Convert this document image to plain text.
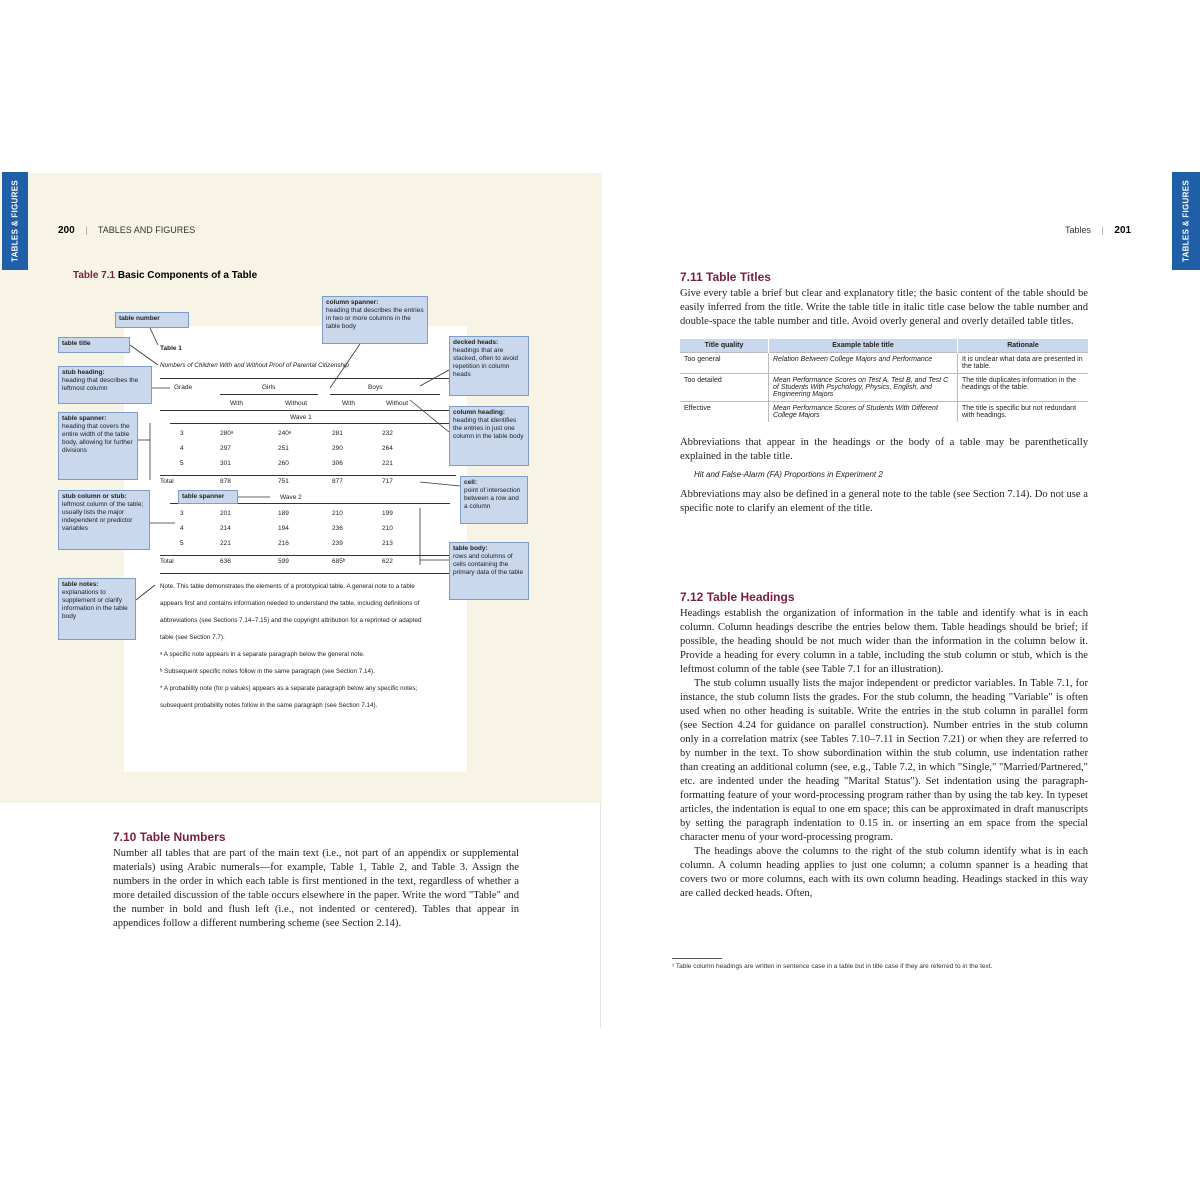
TABLES & FIGURES	200 | TABLES AND FIGURES
Table 7.1 Basic Components of a Table
Table 1
Numbers of Children With and Without Proof of Parental Citizenship
Grade	Girls	Boys
With	Without	With	Without
Wave 1
3	280ᵃ	240ᵃ	281	232
4	297	251	290	264
5	301	260	306	221
Total	878	751	877	717
Wave 2
3	201	189	210	199
4	214	194	236	210
5	221	216	239	213
Total	636	599	685ᵇ	622
Note. This table demonstrates the elements of a prototypical table. A general note to a table appears first and contains information needed to understand the table, including definitions of abbreviations (see Sections 7.14–7.15) and the copyright attribution for a reprinted or adapted table (see Section 7.7).
ᵃ A specific note appears in a separate paragraph below the general note.
ᵇ Subsequent specific notes follow in the same paragraph (see Section 7.14).
* A probability note (for p values) appears as a separate paragraph below any specific notes; subsequent probability notes follow in the same paragraph (see Section 7.14).
table number
table title
stub heading:
heading that describes the leftmost column
table spanner:
heading that covers the entire width of the table body, allowing for further divisions
stub column or stub:
leftmost column of the table; usually lists the major independent or predictor variables
table spanner
table notes:
explanations to supplement or clarify information in the table body
column spanner:
heading that describes the entries in two or more columns in the table body
decked heads:
headings that are stacked, often to avoid repetition in column heads
column heading:
heading that identifies the entries in just one column in the table body
cell:
point of intersection between a row and a column
table body:
rows and columns of cells containing the primary data of the table
7.10 Table Numbers

Number all tables that are part of the main text (i.e., not part of an appendix or supplemental materials) using Arabic numerals—for example, Table 1, Table 2, and Table 3. Assign the numbers in the order in which each table is first mentioned in the text, regardless of whether a more detailed discussion of the table occurs elsewhere in the paper. Write the word "Table" and the number in bold and flush left (i.e., not indented or centered). Tables that appear in appendices follow a different numbering scheme (see Section 2.14).

TABLES & FIGURES
Tables | 201
7.11 Table Titles

Give every table a brief but clear and explanatory title; the basic content of the table should be easily inferred from the title. Write the table title in italic title case below the table number and double-space the table number and title. Avoid overly general and overly detailed table titles.

Title quality	Example table title	Rationale
Too general	Relation Between College Majors and Performance	It is unclear what data are presented in the table.
Too detailed	Mean Performance Scores on Test A, Test B, and Test C of Students With Psychology, Physics, English, and Engineering Majors	The title duplicates information in the headings of the table.
Effective	Mean Performance Scores of Students With Different College Majors	The title is specific but not redundant with headings.

Abbreviations that appear in the headings or the body of a table may be parenthetically explained in the table title.

Hit and False-Alarm (FA) Proportions in Experiment 2

Abbreviations may also be defined in a general note to the table (see Section 7.14). Do not use a specific note to clarify an element of the title.

7.12 Table Headings

Headings establish the organization of information in the table and identify what is in each column. Column headings describe the entries below them. Table headings should be brief; if possible, the heading should be not much wider than the information in the column below it. Provide a heading for every column in a table, including the stub column or stub, which is the leftmost column of the table (see Table 7.1 for an illustration).

The stub column usually lists the major independent or predictor variables. In Table 7.1, for instance, the stub column lists the grades. For the stub column, the heading "Variable" is often used when no other heading is suitable. Write the entries in the stub column in parallel form (see Section 4.24 for guidance on parallel construction). Number entries in the stub column only in a correlation matrix (see Tables 7.10–7.11 in Section 7.21) or when they are referred to by number in the text. To show subordination within the stub column, use indentation rather than creating an additional column (see, e.g., Table 7.2, in which "Single," "Married/Partnered," etc. are indented under the heading "Marital Status"). Set indentation using the paragraph-formatting feature of your word-processing program rather than by using the tab key. In typeset articles, the indentation is equal to one em space; this can be approximated in draft manuscripts by setting the paragraph indentation to 0.15 in. or inserting an em space from the special character menu of your word-processing program.

The headings above the columns to the right of the stub column identify what is in each column. A column heading applies to just one column; a column spanner is a heading that covers two or more columns, each with its own column heading. Headings stacked in this way are called decked heads. Often,

¹ Table column headings are written in sentence case in a table but in title case if they are referred to in the text.
